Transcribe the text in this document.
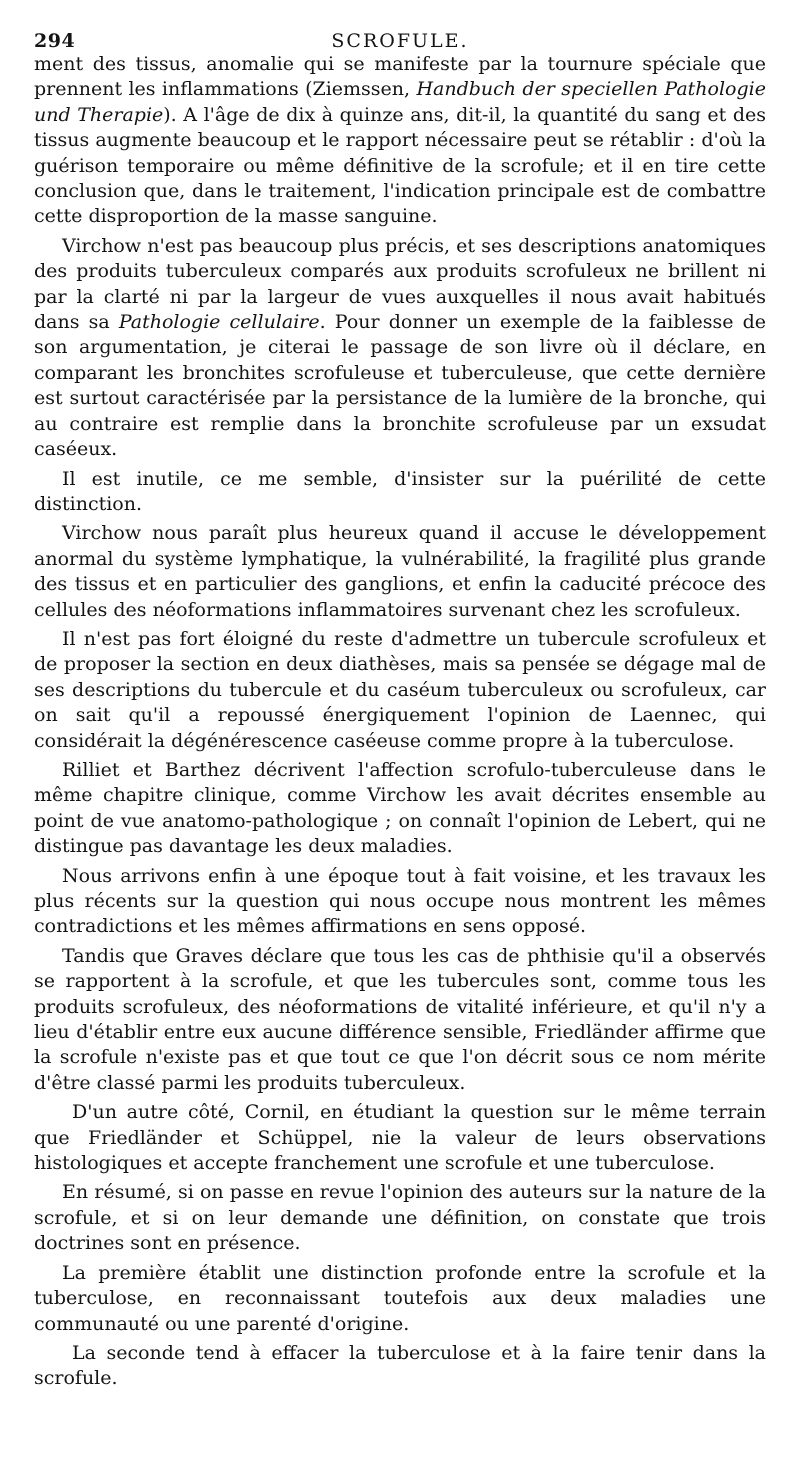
294	SCROFULE.

ment des tissus, anomalie qui se manifeste par la tournure spéciale que prennent les inflammations (Ziemssen, Handbuch der speciellen Pathologie und Therapie). A l'âge de dix à quinze ans, dit-il, la quantité du sang et des tissus augmente beaucoup et le rapport nécessaire peut se rétablir : d'où la guérison temporaire ou même définitive de la scrofule; et il en tire cette conclusion que, dans le traitement, l'indication principale est de combattre cette disproportion de la masse sanguine.

Virchow n'est pas beaucoup plus précis, et ses descriptions anatomiques des produits tuberculeux comparés aux produits scrofuleux ne brillent ni par la clarté ni par la largeur de vues auxquelles il nous avait habitués dans sa Pathologie cellulaire. Pour donner un exemple de la faiblesse de son argumentation, je citerai le passage de son livre où il déclare, en comparant les bronchites scrofuleuse et tuberculeuse, que cette dernière est surtout caractérisée par la persistance de la lumière de la bronche, qui au contraire est remplie dans la bronchite scrofuleuse par un exsudat caséeux.

Il est inutile, ce me semble, d'insister sur la puérilité de cette distinction.

Virchow nous paraît plus heureux quand il accuse le développement anormal du système lymphatique, la vulnérabilité, la fragilité plus grande des tissus et en particulier des ganglions, et enfin la caducité précoce des cellules des néoformations inflammatoires survenant chez les scrofuleux.

Il n'est pas fort éloigné du reste d'admettre un tubercule scrofuleux et de proposer la section en deux diathèses, mais sa pensée se dégage mal de ses descriptions du tubercule et du caséum tuberculeux ou scrofuleux, car on sait qu'il a repoussé énergiquement l'opinion de Laennec, qui considérait la dégénérescence caséeuse comme propre à la tuberculose.

Rilliet et Barthez décrivent l'affection scrofulo-tuberculeuse dans le même chapitre clinique, comme Virchow les avait décrites ensemble au point de vue anatomo-pathologique ; on connaît l'opinion de Lebert, qui ne distingue pas davantage les deux maladies.

Nous arrivons enfin à une époque tout à fait voisine, et les travaux les plus récents sur la question qui nous occupe nous montrent les mêmes contradictions et les mêmes affirmations en sens opposé.

Tandis que Graves déclare que tous les cas de phthisie qu'il a observés se rapportent à la scrofule, et que les tubercules sont, comme tous les produits scrofuleux, des néoformations de vitalité inférieure, et qu'il n'y a lieu d'établir entre eux aucune différence sensible, Friedländer affirme que la scrofule n'existe pas et que tout ce que l'on décrit sous ce nom mérite d'être classé parmi les produits tuberculeux.

D'un autre côté, Cornil, en étudiant la question sur le même terrain que Friedländer et Schüppel, nie la valeur de leurs observations histologiques et accepte franchement une scrofule et une tuberculose.

En résumé, si on passe en revue l'opinion des auteurs sur la nature de la scrofule, et si on leur demande une définition, on constate que trois doctrines sont en présence.

La première établit une distinction profonde entre la scrofule et la tuberculose, en reconnaissant toutefois aux deux maladies une communauté ou une parenté d'origine.

La seconde tend à effacer la tuberculose et à la faire tenir dans la scrofule.
